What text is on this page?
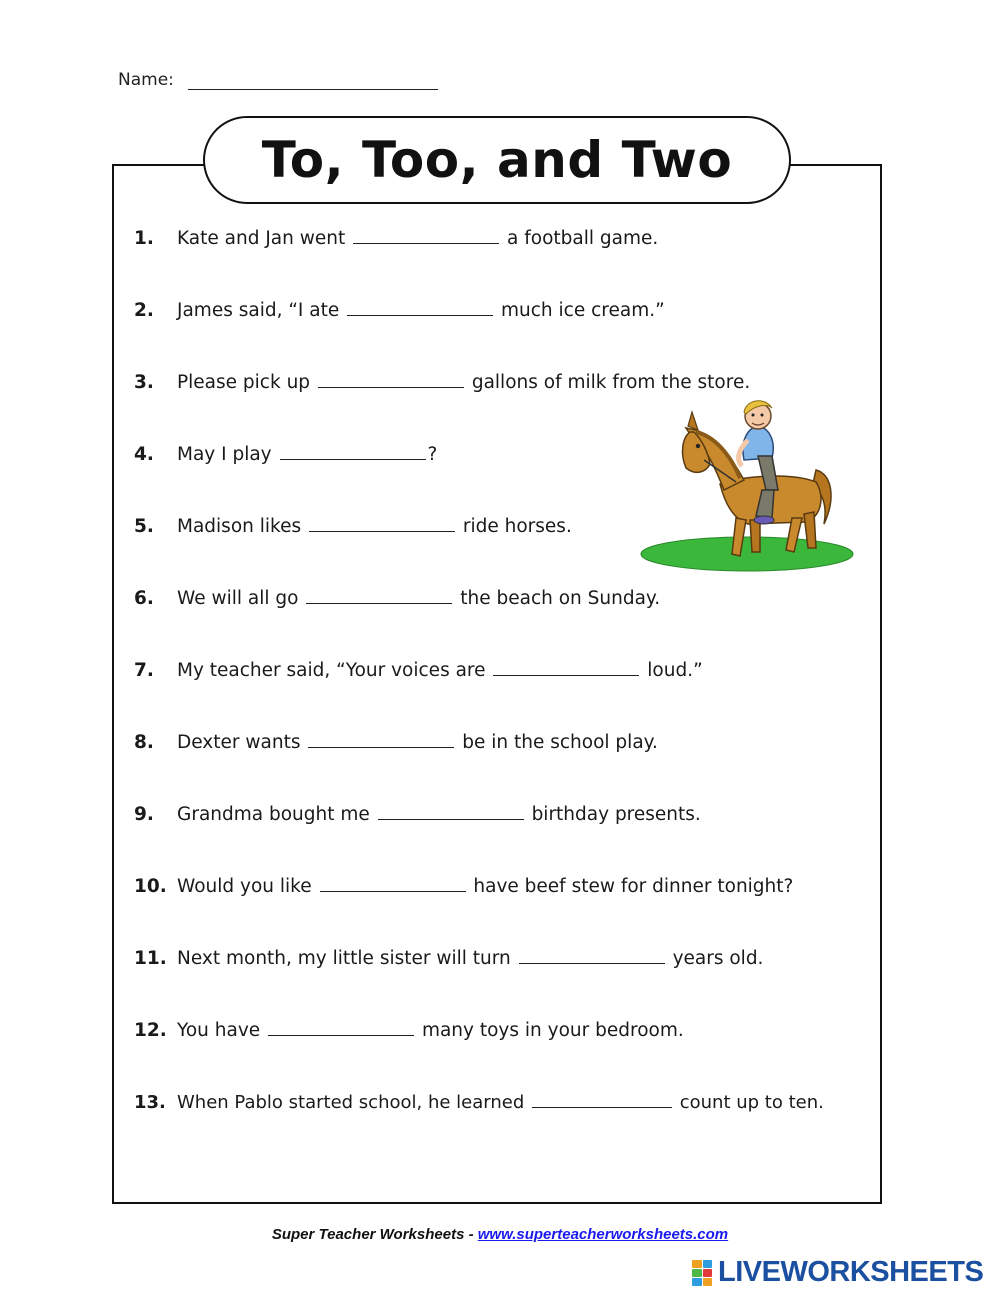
Name:
To, Too, and Two
1. Kate and Jan went	a football game.
2. James said, “I ate	much ice cream.”
3. Please pick up	gallons of milk from the store.
4. May I play	?
5. Madison likes	ride horses.
6. We will all go	the beach on Sunday.
7. My teacher said, “Your voices are	loud.”
8. Dexter wants	be in the school play.
9. Grandma bought me	birthday presents.
10. Would you like	have beef stew for dinner tonight?
11. Next month, my little sister will turn	years old.
12. You have	many toys in your bedroom.
13. When Pablo started school, he learned	count up to ten.
Super Teacher Worksheets - www.superteacherworksheets.com
LIVEWORKSHEETS
